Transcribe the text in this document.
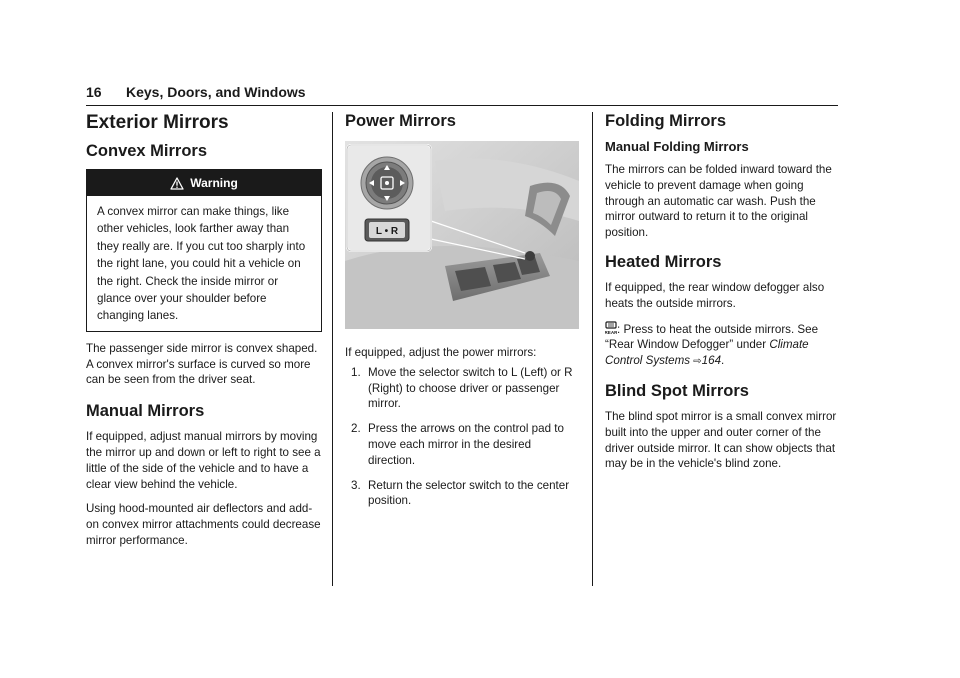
16 Keys, Doors, and Windows
Exterior Mirrors
Convex Mirrors
Warning

A convex mirror can make things, like other vehicles, look farther away than they really are. If you cut too sharply into the right lane, you could hit a vehicle on the right. Check the inside mirror or glance over your shoulder before changing lanes.

The passenger side mirror is convex shaped. A convex mirror's surface is curved so more can be seen from the driver seat.

Manual Mirrors

If equipped, adjust manual mirrors by moving the mirror up and down or left to right to see a little of the side of the vehicle and to have a clear view behind the vehicle.

Using hood-mounted air deflectors and add-on convex mirror attachments could decrease mirror performance.

Power Mirrors
L • R

If equipped, adjust the power mirrors:

1. Move the selector switch to L (Left) or R (Right) to choose driver or passenger mirror.
2. Press the arrows on the control pad to move each mirror in the desired direction.
3. Return the selector switch to the center position.
Folding Mirrors
Manual Folding Mirrors

The mirrors can be folded inward toward the vehicle to prevent damage when going through an automatic car wash. Push the mirror outward to return it to the original position.

Heated Mirrors

If equipped, the rear window defogger also heats the outside mirrors.

REAR : Press to heat the outside mirrors. See “Rear Window Defogger” under Climate Control Systems ⇨164.

Blind Spot Mirrors

The blind spot mirror is a small convex mirror built into the upper and outer corner of the driver outside mirror. It can show objects that may be in the vehicle's blind zone.
